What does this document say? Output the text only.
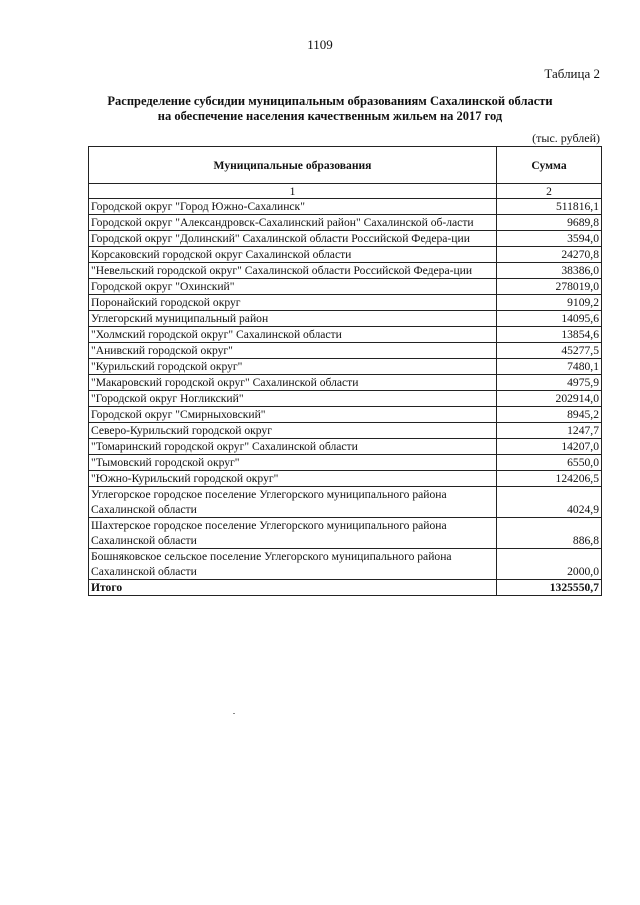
1109
Таблица 2
Распределение субсидии муниципальным образованиям Сахалинской области
на обеспечение населения качественным жильем на 2017 год
(тыс. рублей)
Муниципальные образования	Сумма
1	2
Городской округ "Город Южно-Сахалинск"	511816,1
Городской округ "Александровск-Сахалинский район" Сахалинской об-ласти	9689,8
Городской округ "Долинский" Сахалинской области Российской Федера-ции	3594,0
Корсаковский городской округ Сахалинской области	24270,8
"Невельский городской округ" Сахалинской области Российской Федера-ции	38386,0
Городской округ "Охинский"	278019,0
Поронайский городской округ	9109,2
Углегорский муниципальный район	14095,6
"Холмский городской округ" Сахалинской области	13854,6
"Анивский городской округ"	45277,5
"Курильский городской округ"	7480,1
"Макаровский городской округ" Сахалинской области	4975,9
"Городской округ Ногликский"	202914,0
Городской округ "Смирныховский"	8945,2
Северо-Курильский городской округ	1247,7
"Томаринский городской округ" Сахалинской области	14207,0
"Тымовский городской округ"	6550,0
"Южно-Курильский городской округ"	124206,5
Углегорское городское поселение Углегорского муниципального района Сахалинской области	4024,9
Шахтерское городское поселение Углегорского муниципального района Сахалинской области	886,8
Бошняковское сельское поселение Углегорского муниципального района Сахалинской области	2000,0
Итого	1325550,7
